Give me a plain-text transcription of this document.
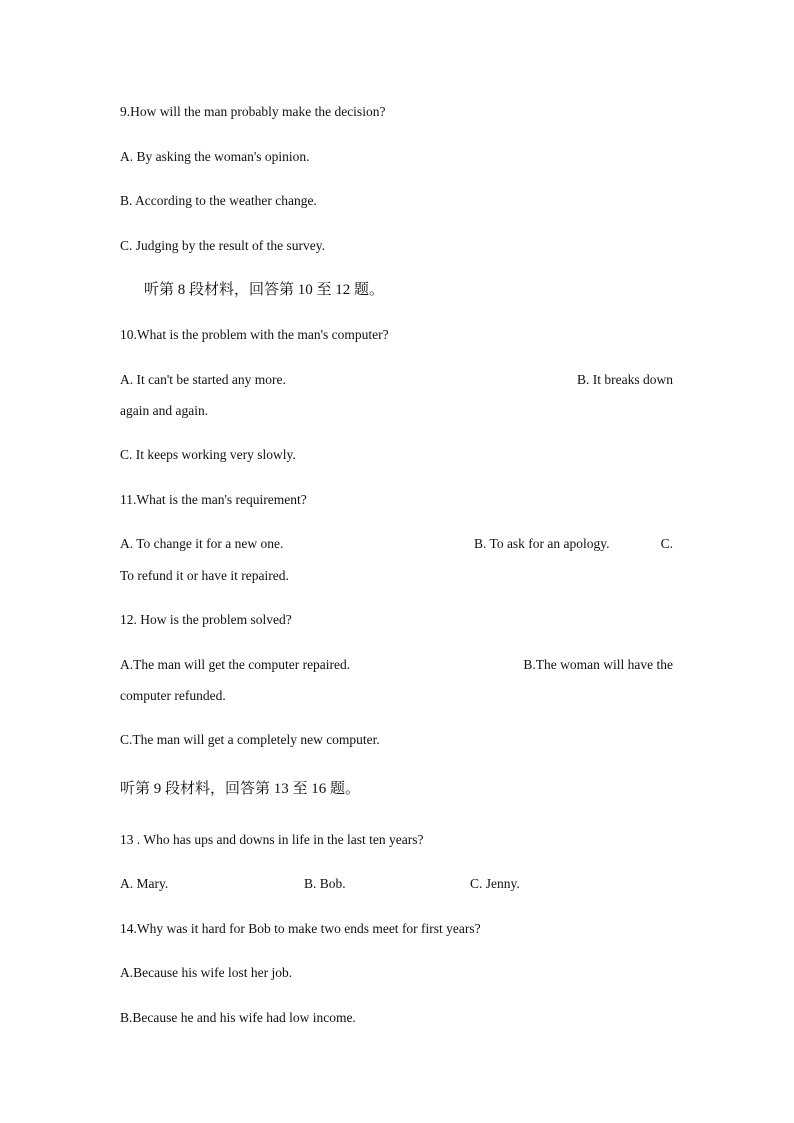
9.How will the man probably make the decision?
A. By asking the woman's opinion.
B. According to the weather change.
C. Judging by the result of the survey.
听第 8 段材料，回答第 10 至 12 题。
10.What is the problem with the man's computer?
A. It can't be started any more.	B. It breaks down
again and again.
C. It keeps working very slowly.
11.What is the man's requirement?
A. To change it for a new one.	B. To ask for an apology.	C.
To refund it or have it repaired.
12. How is the problem solved?
A.The man will get the computer repaired.	B.The woman will have the
computer refunded.
C.The man will get a completely new computer.
听第 9 段材料，回答第 13 至 16 题。
13 . Who has ups and downs in life in the last ten years?
A. Mary.	B. Bob.	C. Jenny.
14.Why was it hard for Bob to make two ends meet for first years?
A.Because his wife lost her job.
B.Because he and his wife had low income.
